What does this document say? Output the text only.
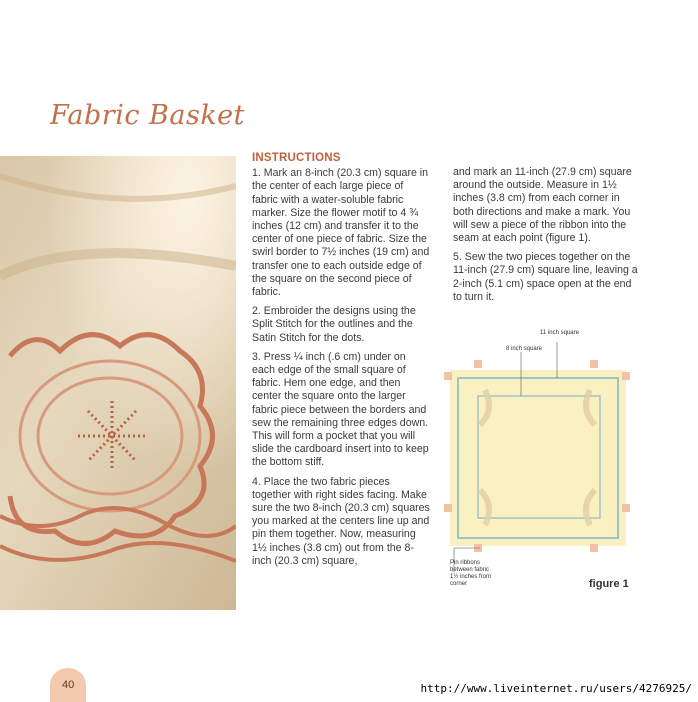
Fabric Basket
INSTRUCTIONS

1. Mark an 8-inch (20.3 cm) square in the center of each large piece of fabric with a water-soluble fabric marker. Size the flower motif to 4 ¾ inches (12 cm) and transfer it to the center of one piece of fabric. Size the swirl border to 7½ inches (19 cm) and transfer one to each outside edge of the square on the second piece of fabric.

2. Embroider the designs using the Split Stitch for the outlines and the Satin Stitch for the dots.

3. Press ¼ inch (.6 cm) under on each edge of the small square of fabric. Hem one edge, and then center the square onto the larger fabric piece between the borders and sew the remaining three edges down. This will form a pocket that you will slide the cardboard insert into to keep the bottom stiff.

4. Place the two fabric pieces together with right sides facing. Make sure the two 8-inch (20.3 cm) squares you marked at the centers line up and pin them together. Now, measuring 1½ inches (3.8 cm) out from the 8-inch (20.3 cm) square,

and mark an 11-inch (27.9 cm) square around the outside. Measure in 1½ inches (3.8 cm) from each corner in both directions and make a mark. You will sew a piece of the ribbon into the seam at each point (figure 1).

5. Sew the two pieces together on the 11-inch (27.9 cm) square line, leaving a 2-inch (5.1 cm) space open at the end to turn it.

11 inch square
8 inch square
Pin ribbons between fabric 1½ inches from corner	figure 1
40	http://www.liveinternet.ru/users/4276925/
